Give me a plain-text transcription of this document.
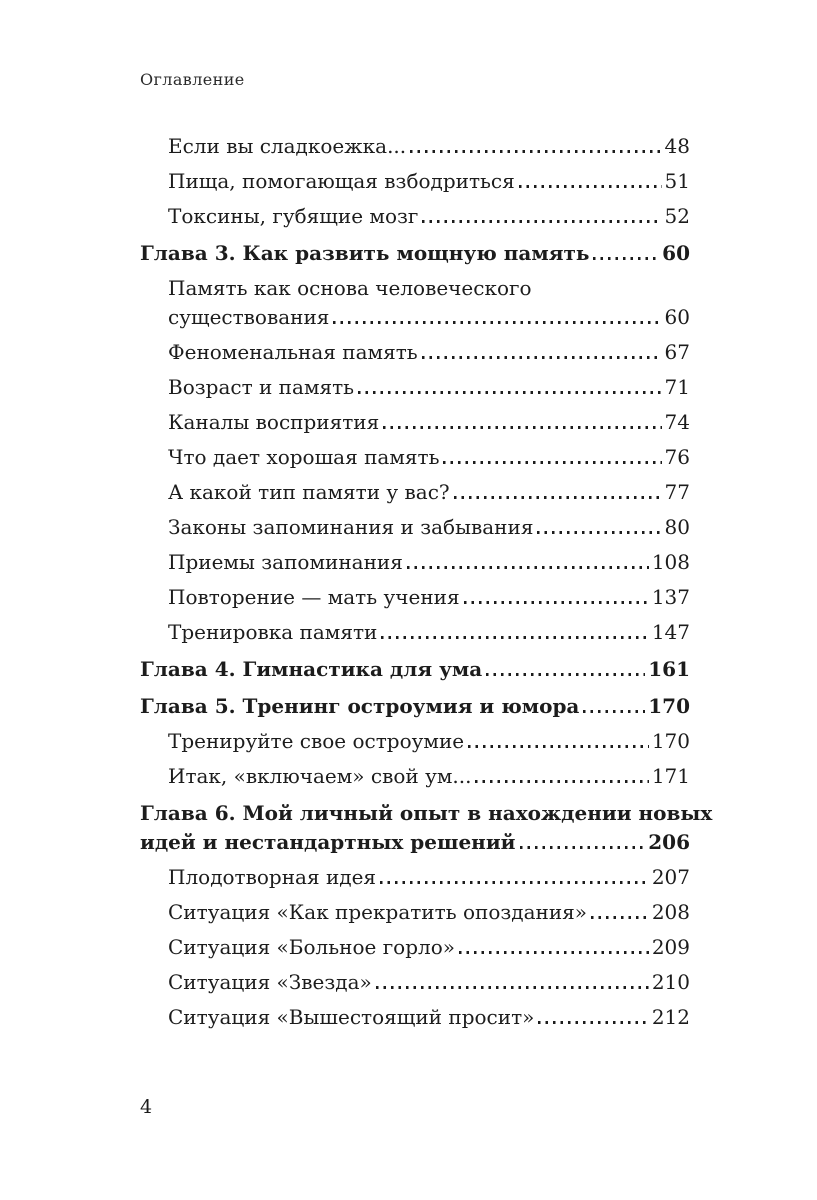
Оглавление
Если вы сладкоежка...	48
Пища, помогающая взбодриться	51
Токсины, губящие мозг	52
Глава 3. Как развить мощную память	60
Память как основа человеческого
существования	60
Феноменальная память	67
Возраст и память	71
Каналы восприятия	74
Что дает хорошая память	76
А какой тип памяти у вас?	77
Законы запоминания и забывания	80
Приемы запоминания	108
Повторение — мать учения	137
Тренировка памяти	147
Глава 4. Гимнастика для ума	161
Глава 5. Тренинг остроумия и юмора	170
Тренируйте свое остроумие	170
Итак, «включаем» свой ум...	171
Глава 6. Мой личный опыт в нахождении новых
идей и нестандартных решений	206
Плодотворная идея	207
Ситуация «Как прекратить опоздания»	208
Ситуация «Больное горло»	209
Ситуация «Звезда»	210
Ситуация «Вышестоящий просит»	212
4
